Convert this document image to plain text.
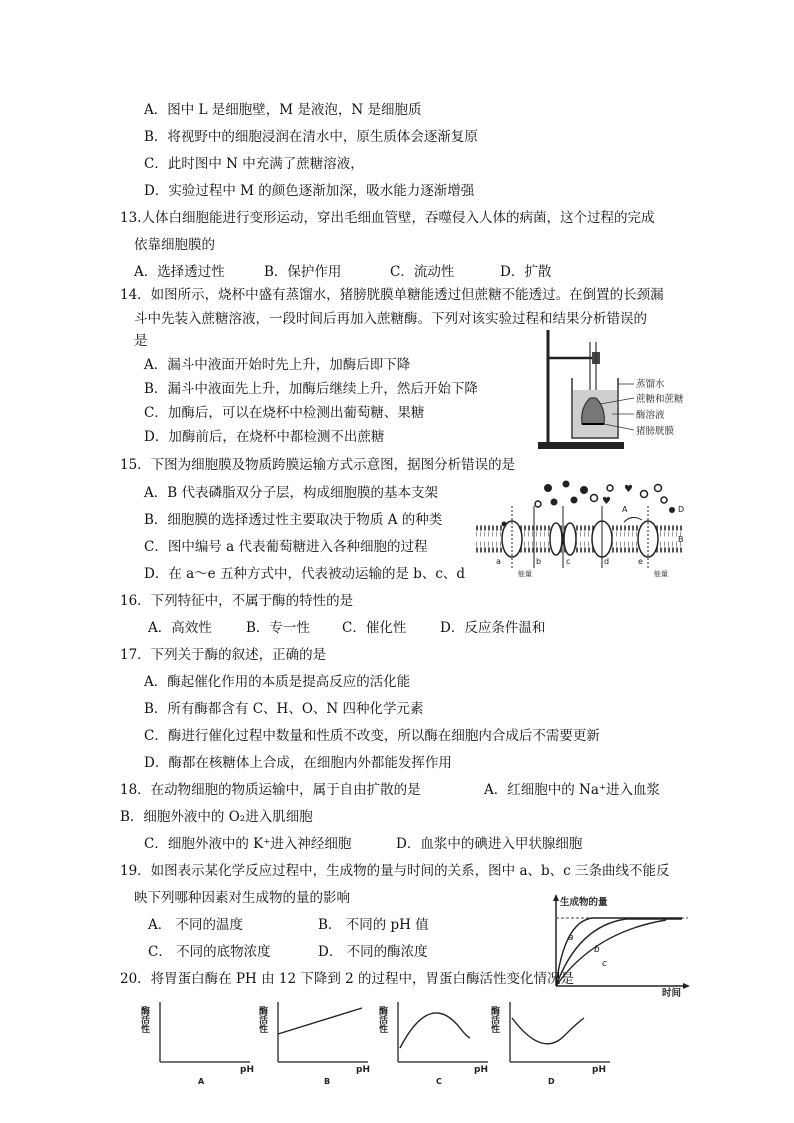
A．图中 L 是细胞壁，M 是液泡，N 是细胞质
B．将视野中的细胞浸润在清水中，原生质体会逐渐复原
C．此时图中 N 中充满了蔗糖溶液，
D．实验过程中 M 的颜色逐渐加深，吸水能力逐渐增强
13.人体白细胞能进行变形运动，穿出毛细血管壁，吞噬侵入人体的病菌，这个过程的完成
依靠细胞膜的
A．选择透过性	B．保护作用	C．流动性	D．扩散
14．如图所示，烧杯中盛有蒸馏水，猪膀胱膜单糖能透过但蔗糖不能透过。在倒置的长颈漏
斗中先装入蔗糖溶液，一段时间后再加入蔗糖酶。下列对该实验过程和结果分析错误的
是
A．漏斗中液面开始时先上升，加酶后即下降
B．漏斗中液面先上升，加酶后继续上升，然后开始下降
C．加酶后，可以在烧杯中检测出葡萄糖、果糖
D．加酶前后，在烧杯中都检测不出蔗糖
蒸馏水
蔗糖和蔗糖
酶溶液
猪膀胱膜
15．下图为细胞膜及物质跨膜运输方式示意图，据图分析错误的是
A．B 代表磷脂双分子层，构成细胞膜的基本支架
B．细胞膜的选择透过性主要取决于物质 A 的种类
C．图中编号 a 代表葡萄糖进入各种细胞的过程
D．在 a～e 五种方式中，代表被动运输的是 b、c、d
♥
♥
a	b	c	d	e
A
B
D
能量	能量
16．下列特征中，不属于酶的特性的是
A．高效性	B．专一性 C．催化性 D．反应条件温和
17．下列关于酶的叙述，正确的是
A．酶起催化作用的本质是提高反应的活化能
B．所有酶都含有 C、H、O、N 四种化学元素
C．酶进行催化过程中数量和性质不改变，所以酶在细胞内合成后不需要更新
D．酶都在核糖体上合成，在细胞内外都能发挥作用
18．在动物细胞的物质运输中，属于自由扩散的是	A．红细胞中的 Na⁺进入血浆
B．细胞外液中的 O₂进入肌细胞
C．细胞外液中的 K⁺进入神经细胞	D．血浆中的碘进入甲状腺细胞
19．如图表示某化学反应过程中，生成物的量与时间的关系，图中 a、b、c 三条曲线不能反
映下列哪种因素对生成物的量的影响
A． 不同的温度	B． 不同的 pH 值
C． 不同的底物浓度	D． 不同的酶浓度
生成物的量
时间
a
b
c
20．将胃蛋白酶在 PH 由 12 下降到 2 的过程中，胃蛋白酶活性变化情况是
酶活性
pH
A
酶活性
pH
B
酶活性
pH
C
酶活性
pH
D
